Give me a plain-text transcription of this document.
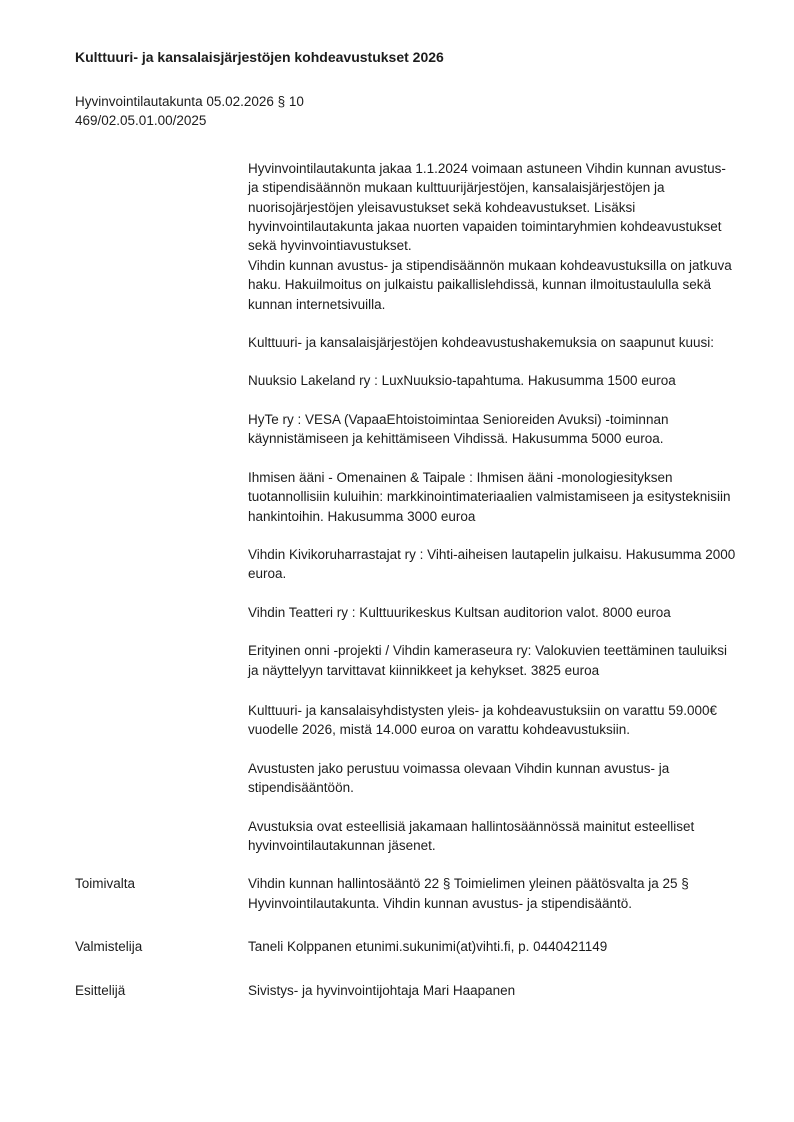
Kulttuuri- ja kansalaisjärjestöjen kohdeavustukset 2026
Hyvinvointilautakunta 05.02.2026 § 10
469/02.05.01.00/2025

Hyvinvointilautakunta jakaa 1.1.2024 voimaan astuneen Vihdin kunnan avustus- ja stipendisäännön mukaan kulttuurijärjestöjen, kansalaisjärjestöjen ja nuorisojärjestöjen yleisavustukset sekä kohdeavustukset. Lisäksi hyvinvointilautakunta jakaa nuorten vapaiden toimintaryhmien kohdeavustukset sekä hyvinvointiavustukset.

Vihdin kunnan avustus- ja stipendisäännön mukaan kohdeavustuksilla on jatkuva haku. Hakuilmoitus on julkaistu paikallislehdissä, kunnan ilmoitustaululla sekä kunnan internetsivuilla.

Kulttuuri- ja kansalaisjärjestöjen kohdeavustushakemuksia on saapunut kuusi:

Nuuksio Lakeland ry : LuxNuuksio-tapahtuma. Hakusumma 1500 euroa

HyTe ry : VESA (VapaaEhtoistoimintaa Senioreiden Avuksi) -toiminnan käynnistämiseen ja kehittämiseen Vihdissä. Hakusumma 5000 euroa.

Ihmisen ääni - Omenainen & Taipale : Ihmisen ääni -monologiesityksen tuotannollisiin kuluihin: markkinointimateriaalien valmistamiseen ja esitysteknisiin hankintoihin. Hakusumma 3000 euroa

Vihdin Kivikoruharrastajat ry : Vihti-aiheisen lautapelin julkaisu. Hakusumma 2000 euroa.

Vihdin Teatteri ry : Kulttuurikeskus Kultsan auditorion valot. 8000 euroa

Erityinen onni -projekti / Vihdin kameraseura ry: Valokuvien teettäminen tauluiksi ja näyttelyyn tarvittavat kiinnikkeet ja kehykset. 3825 euroa

Kulttuuri- ja kansalaisyhdistysten yleis- ja kohdeavustuksiin on varattu 59.000€ vuodelle 2026, mistä 14.000 euroa on varattu kohdeavustuksiin.

Avustusten jako perustuu voimassa olevaan Vihdin kunnan avustus- ja stipendisääntöön.

Avustuksia ovat esteellisiä jakamaan hallintosäännössä mainitut esteelliset hyvinvointilautakunnan jäsenet.

Toimivalta	Vihdin kunnan hallintosääntö 22 § Toimielimen yleinen päätösvalta ja 25 § Hyvinvointilautakunta. Vihdin kunnan avustus- ja stipendisääntö.
Valmistelija	Taneli Kolppanen etunimi.sukunimi(at)vihti.fi, p. 0440421149
Esittelijä	Sivistys- ja hyvinvointijohtaja Mari Haapanen
